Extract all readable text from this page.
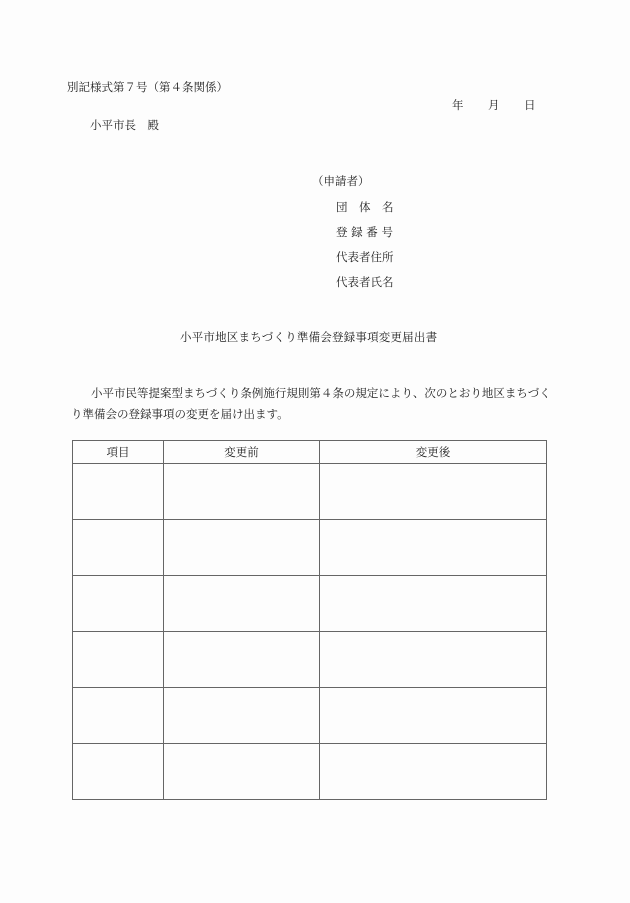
別記様式第７号（第４条関係）
年 月 日
小平市長　殿
（申請者）
団　体　名
登 録 番 号
代表者住所
代表者氏名
小平市地区まちづくり準備会登録事項変更届出書
小平市民等提案型まちづくり条例施行規則第４条の規定により、次のとおり地区まちづくり準備会の登録事項の変更を届け出ます。
項目	変更前	変更後
